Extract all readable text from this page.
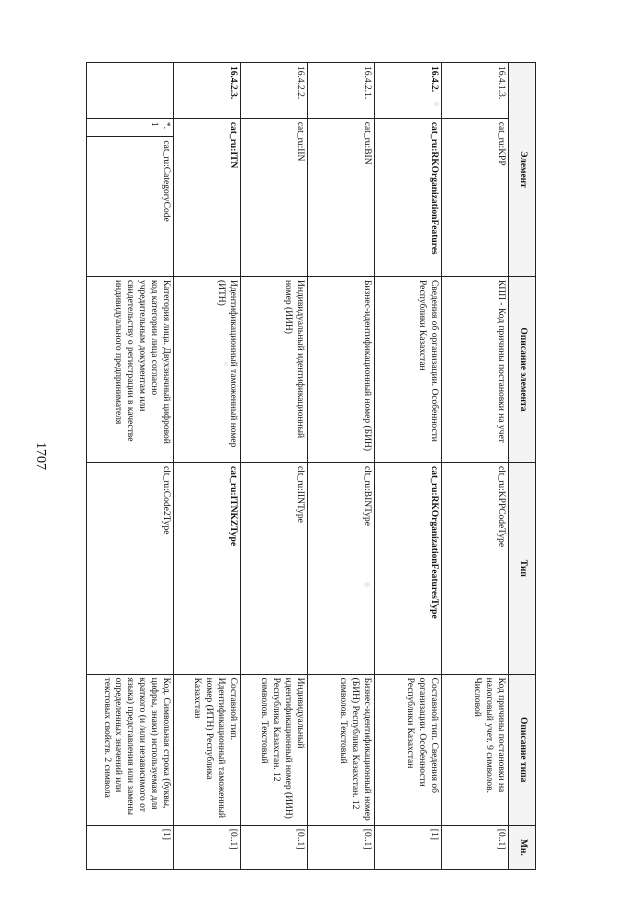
1707
Элемент			Описание элемента	Тип	Описание типа	Мн.
16.4.1.3.	cat_ru:KPP		КПП - Код причины постановки на учет	clt_ru:KPPCodeType	Код причины постановки на налоговый учет. 9 символов. Числовой	[0..1]
16.4.2.	cat_ru:RKOrganizationFeatures		Сведения об организации. Особенности Республики Казахстан	cat_ru:RKOrganizationFeaturesType	Составной тип. Сведения об организации. Особенности Республики Казахстан	[1]
16.4.2.1.	cat_ru:BIN		Бизнес-идентификационный номер (БИН)	clt_ru:BINType	Бизнес-идентификационный номер (БИН) Республика Казахстан. 12 символов. Текстовый	[0..1]
16.4.2.2.	cat_ru:IIN		Индивидуальный идентификационный номер (ИИН)	clt_ru:IINType	Индивидуальный идентификационный номер (ИИН) Республика Казахстан. 12 символов. Текстовый	[0..1]
16.4.2.3.	cat_ru:ITN		Идентификационный таможенный номер (ИТН)	cat_ru:ITNKZType	Составной тип. Идентификационный таможенный номер (ИТН) Республика Казахстан	[0..1]
	*.1	cat_ru:CategoryCode	Категория лица. Двухзначный цифровой код категории лица согласно учредительным документам или свидетельству о регистрации в качестве индивидуального предпринимателя	clt_ru:Code2Type	Код. Символьная строка (буквы, цифры, знаки) используемая для краткого (и /или независимого от языка) представления или замены определенных значений или текстовых свойств. 2 символа	[1]
